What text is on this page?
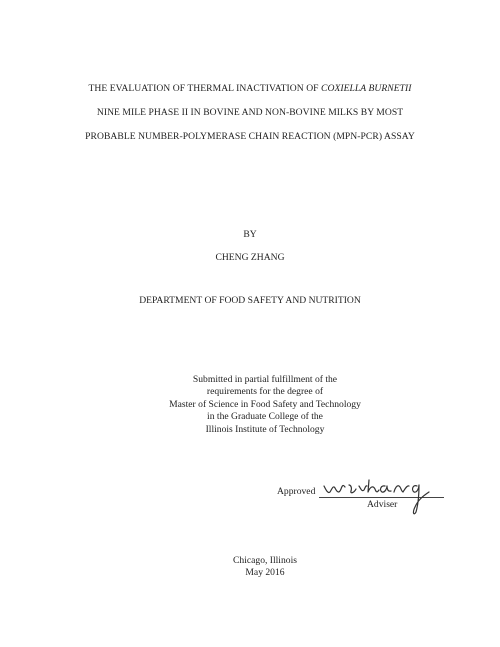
THE EVALUATION OF THERMAL INACTIVATION OF COXIELLA BURNETII
NINE MILE PHASE II IN BOVINE AND NON-BOVINE MILKS BY MOST
PROBABLE NUMBER-POLYMERASE CHAIN REACTION (MPN-PCR) ASSAY
BY
CHENG ZHANG
DEPARTMENT OF FOOD SAFETY AND NUTRITION
Submitted in partial fulfillment of the
requirements for the degree of
Master of Science in Food Safety and Technology
in the Graduate College of the
Illinois Institute of Technology
Approved
Adviser
Chicago, Illinois
May 2016
